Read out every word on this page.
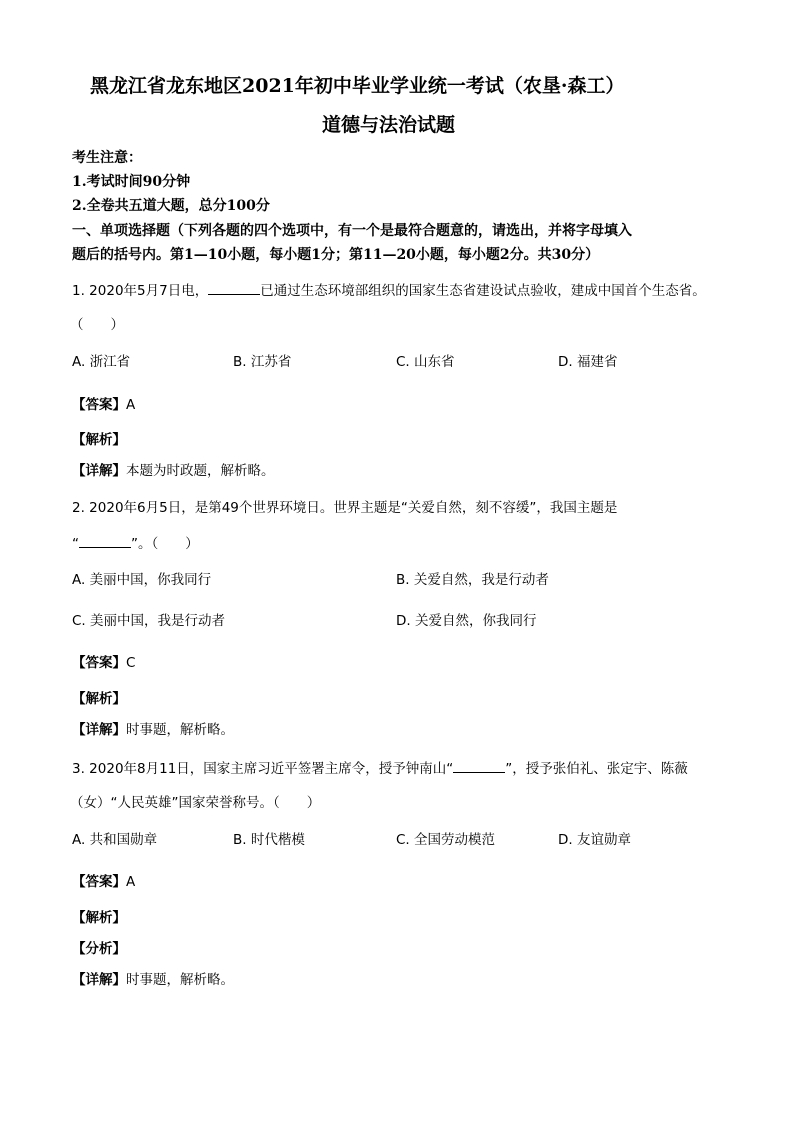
黑龙江省龙东地区2021年初中毕业学业统一考试（农垦·森工）
道德与法治试题
考生注意：
1.考试时间90分钟
2.全卷共五道大题，总分100分
一、单项选择题（下列各题的四个选项中，有一个是最符合题意的，请选出，并将字母填入
题后的括号内。第1—10小题，每小题1分；第11—20小题，每小题2分。共30分）
1. 2020年5月7日电，	已通过生态环境部组织的国家生态省建设试点验收，建成中国首个生态省。
（　　）
A. 浙江省	B. 江苏省	C. 山东省	D. 福建省
【答案】A
【解析】
【详解】本题为时政题，解析略。
2. 2020年6月5日，是第49个世界环境日。世界主题是“关爱自然，刻不容缓”，我国主题是
“	”。（　　）
A. 美丽中国，你我同行	B. 关爱自然，我是行动者
C. 美丽中国，我是行动者	D. 关爱自然，你我同行
【答案】C
【解析】
【详解】时事题，解析略。
3. 2020年8月11日，国家主席习近平签署主席令，授予钟南山“	”，授予张伯礼、张定宇、陈薇
（女）“人民英雄”国家荣誉称号。（　　）
A. 共和国勋章	B. 时代楷模	C. 全国劳动模范	D. 友谊勋章
【答案】A
【解析】
【分析】
【详解】时事题，解析略。
